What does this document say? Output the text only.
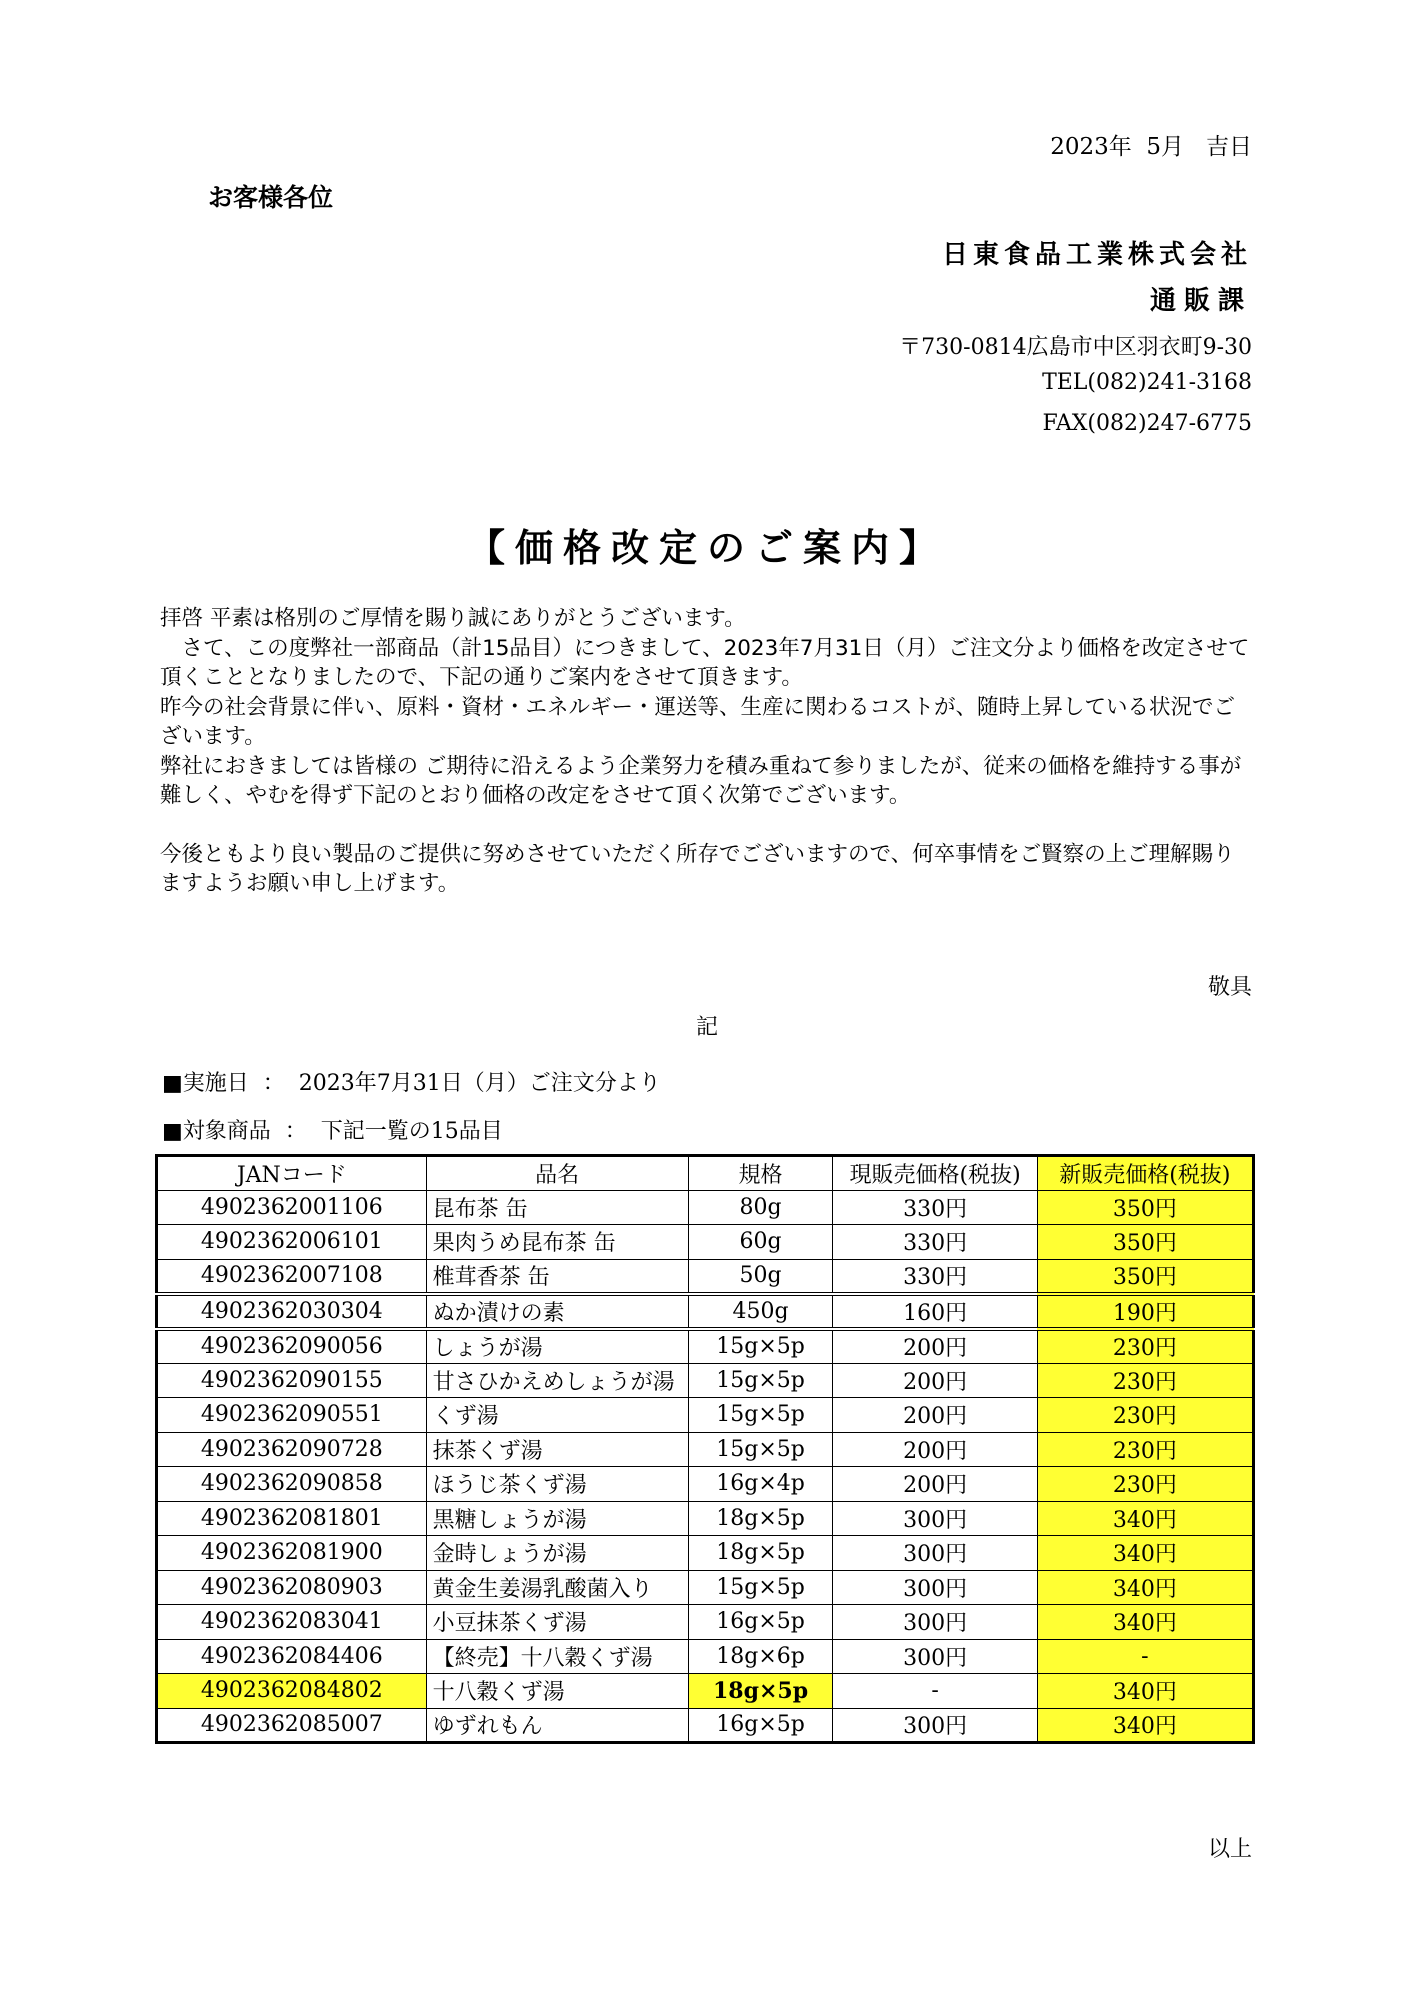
2023年  5月   吉日
お客様各位
日東食品工業株式会社
通販課
〒730-0814広島市中区羽衣町9-30
TEL(082)241-3168
FAX(082)247-6775
【価格改定のご案内】

拝啓 平素は格別のご厚情を賜り誠にありがとうございます。

　さて、この度弊社一部商品（計15品目）につきまして、2023年7月31日（月）ご注文分より価格を改定させて頂くこととなりましたので、下記の通りご案内をさせて頂きます。

昨今の社会背景に伴い、原料・資材・エネルギー・運送等、生産に関わるコストが、随時上昇している状況でございます。

弊社におきましては皆様の ご期待に沿えるよう企業努力を積み重ねて参りましたが、従来の価格を維持する事が難しく、やむを得ず下記のとおり価格の改定をさせて頂く次第でございます。

今後ともより良い製品のご提供に努めさせていただく所存でございますので、何卒事情をご賢察の上ご理解賜りますようお願い申し上げます。

敬具
記
■実施日  ：  2023年7月31日（月）ご注文分より
■対象商品  ：  下記一覧の15品目
JANコード	品名	規格	現販売価格(税抜)	新販売価格(税抜)
4902362001106	昆布茶 缶	80g	330円	350円
4902362006101	果肉うめ昆布茶 缶	60g	330円	350円
4902362007108	椎茸香茶 缶	50g	330円	350円
4902362030304	ぬか漬けの素	450g	160円	190円
4902362090056	しょうが湯	15g×5p	200円	230円
4902362090155	甘さひかえめしょうが湯	15g×5p	200円	230円
4902362090551	くず湯	15g×5p	200円	230円
4902362090728	抹茶くず湯	15g×5p	200円	230円
4902362090858	ほうじ茶くず湯	16g×4p	200円	230円
4902362081801	黒糖しょうが湯	18g×5p	300円	340円
4902362081900	金時しょうが湯	18g×5p	300円	340円
4902362080903	黄金生姜湯乳酸菌入り	15g×5p	300円	340円
4902362083041	小豆抹茶くず湯	16g×5p	300円	340円
4902362084406	【終売】十八穀くず湯	18g×6p	300円	-
4902362084802	十八穀くず湯	18g×5p	-	340円
4902362085007	ゆずれもん	16g×5p	300円	340円
以上
